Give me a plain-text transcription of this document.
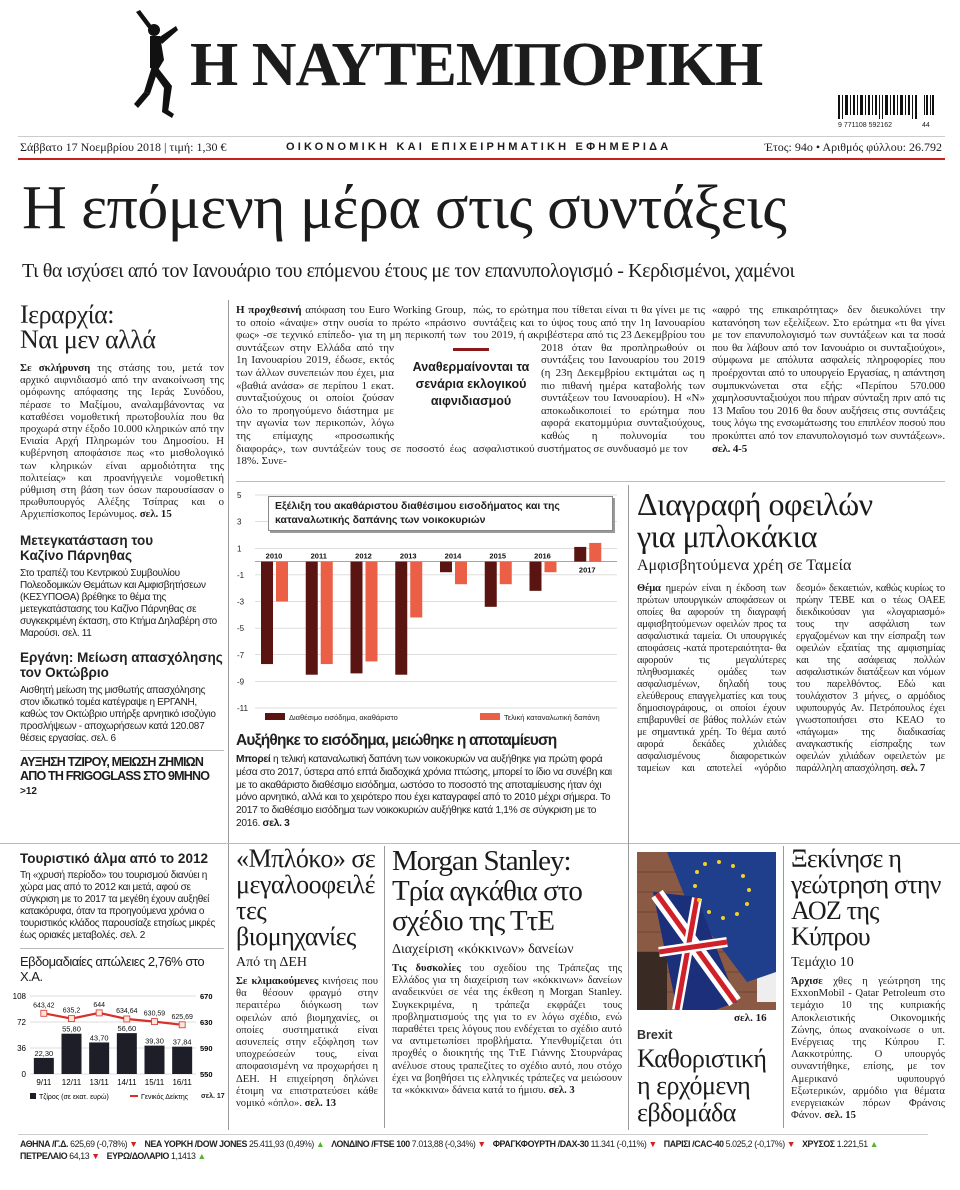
Η ΝΑΥΤΕΜΠΟΡΙΚΗ
9 771108 592162	44
Σάββατο 17 Νοεμβρίου 2018 | τιμή: 1,30 €	ΟΙΚΟΝΟΜΙΚΗ ΚΑΙ ΕΠΙΧΕΙΡΗΜΑΤΙΚΗ ΕΦΗΜΕΡΙΔΑ	Έτος: 94ο • Αριθμός φύλλου: 26.792
Η επόμενη μέρα στις συντάξεις
Τι θα ισχύσει από τον Ιανουάριο του επόμενου έτους με τον επανυπολογισμό - Κερδισμένοι, χαμένοι
Η προχθεσινή απόφαση του Euro Working Group, το οποίο «άναψε» στην ουσία το πρώτο «πράσινο φως» -σε τεχνικό επίπεδο- για τη μη περικοπή των συντάξεων στην Ελλάδα από την 1η Ιανουαρίου 2019, έδωσε, εκτός των άλλων συνεπειών που έχει, μια «βαθιά ανάσα» σε περίπου 1 εκατ. συνταξιούχους οι οποίοι ζούσαν όλο το προηγούμενο διάστημα με την αγωνία των περικοπών, λόγω της επίμαχης «προσωπικής διαφοράς», των συντάξεών τους σε ποσοστό έως 18%. Συνε-
πώς, το ερώτημα που τίθεται είναι τι θα γίνει με τις συντάξεις και το ύψος τους από την 1η Ιανουαρίου του 2019, ή ακριβέστερα από τις 23 Δεκεμβρίου του 2018 όταν θα προπληρωθούν οι συντάξεις του Ιανουαρίου του 2019 (η 23η Δεκεμβρίου εκτιμάται ως η πιο πιθανή ημέρα καταβολής των συντάξεων του Ιανουαρίου). Η «Ν» αποκωδικοποιεί το ερώτημα που αφορά εκατομμύρια συνταξιούχους, καθώς η πολυνομία του ασφαλιστικού συστήματος σε συνδυασμό με τον
Αναθερμαίνονται τα σενάρια εκλογικού αιφνιδιασμού
«αφρό της επικαιρότητας» δεν διευκολύνει την κατανόηση των εξελίξεων. Στο ερώτημα «τι θα γίνει με τον επανυπολογισμό των συντάξεων και τα ποσά που θα λάβουν από τον Ιανουάριο οι συνταξιούχοι», σύμφωνα με απόλυτα ασφαλείς πληροφορίες που προέρχονται από το υπουργείο Εργασίας, η απάντηση συμπυκνώνεται στα εξής: «Περίπου 570.000 χαμηλοσυνταξιούχοι που πήραν σύνταξη πριν από τις 13 Μαΐου του 2016 θα δουν αυξήσεις στις συντάξεις τους λόγω της ενσωμάτωσης του επιπλέον ποσού που προκύπτει από τον επανυπολογισμό των συντάξεων». σελ. 4-5
Ιεραρχία:
Ναι μεν αλλά
Σε σκλήρυνση της στάσης του, μετά τον αρχικό αιφνιδιασμό από την ανακοίνωση της ομόφωνης απόφασης της Ιεράς Συνόδου, πέρασε το Μαξίμου, αναλαμβάνοντας να καταθέσει νομοθετική πρωτοβουλία που θα προχωρά στην έξοδο 10.000 κληρικών από την Ενιαία Αρχή Πληρωμών του Δημοσίου. Η κυβέρνηση αποφάσισε πως «το μισθολογικό των κληρικών είναι αρμοδιότητα της πολιτείας» και προανήγγειλε νομοθετική ρύθμιση στη βάση των όσων παρουσίασαν ο πρωθυπουργός Αλέξης Τσίπρας και ο Αρχιεπίσκοπος Ιερώνυμος. σελ. 15
Μετεγκατάσταση του Καζίνο Πάρνηθας
Στο τραπέζι του Κεντρικού Συμβουλίου Πολεοδομικών Θεμάτων και Αμφισβητήσεων (ΚΕΣΥΠΟΘΑ) βρέθηκε το θέμα της μετεγκατάστασης του Καζίνο Πάρνηθας σε συγκεκριμένη έκταση, στο Κτήμα Δηλαβέρη στο Μαρούσι. σελ. 11
Εργάνη: Μείωση απασχόλησης τον Οκτώβριο
Αισθητή μείωση της μισθωτής απασχόλησης στον ιδιωτικό τομέα κατέγραψε η ΕΡΓΑΝΗ, καθώς τον Οκτώβριο υπήρξε αρνητικό ισοζύγιο προσλήψεων - αποχωρήσεων κατά 120.087 θέσεις εργασίας. σελ. 6
ΑΥΞΗΣΗ ΤΖΙΡΟΥ, ΜΕΙΩΣΗ ΖΗΜΙΩΝ ΑΠΟ ΤΗ FRIGOGLASS ΣΤΟ 9ΜΗΝΟ >12
Τουριστικό άλμα από το 2012
Τη «χρυσή περίοδο» του τουρισμού διανύει η χώρα μας από το 2012 και μετά, αφού σε σύγκριση με το 2017 τα μεγέθη έχουν αυξηθεί κατακόρυφα, όταν τα προηγούμενα χρόνια ο τουριστικός κλάδος παρουσίαζε ετησίως μικρές έως οριακές μεταβολές. σελ. 2
Εβδομαδιαίες απώλειες 2,76% στο Χ.Α.
0
36
72
108
550
590
630
670
22,30
9/11
55,80
12/11
43,70
13/11
56,60
14/11
39,30
15/11
37,84
16/11
643,42
635,2
644
634,64 630,59 625,69
Τζίρος (σε εκατ. ευρώ)	Γενικός Δείκτης σελ. 17
5
3
1
-1
-3
-5
-7
-9
-11
2010	2011	2012	2013	2014	2015	2016
2017
Διαθέσιμο εισόδημα, ακαθάριστο	Τελική καταναλωτική δαπάνη
Εξέλιξη του ακαθάριστου διαθέσιμου εισοδήματος και της καταναλωτικής δαπάνης των νοικοκυριών
Αυξήθηκε το εισόδημα, μειώθηκε η αποταμίευση
Μπορεί η τελική καταναλωτική δαπάνη των νοικοκυριών να αυξήθηκε για πρώτη φορά μέσα στο 2017, ύστερα από επτά διαδοχικά χρόνια πτώσης, μπορεί το ίδιο να συνέβη και με το ακαθάριστο διαθέσιμο εισόδημα, ωστόσο το ποσοστό της αποταμίευσης ήταν όχι μόνο αρνητικό, αλλά και το χειρότερο που έχει καταγραφεί από το 2010 μέχρι σήμερα. Το 2017 το διαθέσιμο εισόδημα των νοικοκυριών αυξήθηκε κατά 1,1% σε σύγκριση με το 2016. σελ. 3
Διαγραφή οφειλών για μπλοκάκια
Αμφισβητούμενα χρέη σε Ταμεία
Θέμα ημερών είναι η έκδοση των πρώτων υπουργικών αποφάσεων οι οποίες θα αφορούν τη διαγραφή αμφισβητούμενων οφειλών προς τα ασφαλιστικά ταμεία. Οι υπουργικές αποφάσεις -κατά προτεραιότητα- θα αφορούν τις μεγαλύτερες πληθυσμιακές ομάδες των ασφαλισμένων, δηλαδή τους ελεύθερους επαγγελματίες και τους δημοσιογράφους, οι οποίοι έχουν επιβαρυνθεί σε βάθος πολλών ετών με σημαντικά χρέη. Το θέμα αυτό αφορά δεκάδες χιλιάδες ασφαλισμένους διαφορετικών ταμείων και αποτελεί «γόρδιο δεσμό» δεκαετιών, καθώς κυρίως το πρώην ΤΕΒΕ και ο τέως ΟΑΕΕ διεκδικούσαν για «λογαριασμό» τους την ασφάλιση των εργαζομένων και την είσπραξη των οφειλών εξαιτίας της αμφισημίας και της ασάφειας πολλών ασφαλιστικών διατάξεων και νόμων του παρελθόντος. Εδώ και τουλάχιστον 3 μήνες, ο αρμόδιος υφυπουργός Αν. Πετρόπουλος έχει γνωστοποιήσει στο ΚΕΑΟ το «πάγωμα» της διαδικασίας αναγκαστικής είσπραξης των οφειλών χιλιάδων οφειλετών με παράλληλη απασχόληση. σελ. 7
«Μπλόκο» σε μεγαλοοφειλέτες βιομηχανίες
Από τη ΔΕΗ
Σε κλιμακούμενες κινήσεις που θα θέσουν φραγμό στην περαιτέρω διόγκωση των οφειλών από βιομηχανίες, οι οποίες συστηματικά είναι ασυνεπείς στην εξόφληση των υποχρεώσεών τους, είναι αποφασισμένη να προχωρήσει η ΔΕΗ. Η επιχείρηση δηλώνει έτοιμη να επιστρατεύσει κάθε νομικό «όπλο». σελ. 13
Morgan Stanley: Τρία αγκάθια στο σχέδιο της ΤτΕ
Διαχείριση «κόκκινων» δανείων
Τις δυσκολίες του σχεδίου της Τράπεζας της Ελλάδος για τη διαχείριση των «κόκκινων» δανείων αναδεικνύει σε νέα της έκθεση η Morgan Stanley. Συγκεκριμένα, η τράπεζα εκφράζει τους προβληματισμούς της για το εν λόγω σχέδιο, ενώ παραθέτει τρεις λόγους που ενδέχεται το σχέδιο αυτό να αντιμετωπίσει προβλήματα. Υπενθυμίζεται ότι προχθές ο διοικητής της ΤτΕ Γιάννης Στουρνάρας ανέλυσε στους τραπεζίτες το σχέδιο αυτό, που στόχο έχει να βοηθήσει τις ελληνικές τράπεζες να μειώσουν τα «κόκκινα» δάνεια κατά το ήμισυ. σελ. 3
σελ. 16
Brexit
Καθοριστική η ερχόμενη εβδομάδα
Ξεκίνησε η γεώτρηση στην ΑΟΖ της Κύπρου
Τεμάχιο 10
Άρχισε χθες η γεώτρηση της ExxonMobil - Qatar Petroleum στο τεμάχιο 10 της κυπριακής Αποκλειστικής Οικονομικής Ζώνης, όπως ανακοίνωσε ο υπ. Ενέργειας της Κύπρου Γ. Λακκοτρύπης. Ο υπουργός συναντήθηκε, επίσης, με τον Αμερικανό υφυπουργό Εξωτερικών, αρμόδιο για θέματα ενεργειακών πόρων Φράνσις Φάνον. σελ. 15
ΑΘΗΝΑ /Γ.Δ. 625,69 (-0,78%) ▼ ΝΕΑ ΥΟΡΚΗ /DOW JONES 25.411,93 (0,49%) ▲ ΛΟΝΔΙΝΟ /FTSE 100 7.013,88 (-0,34%) ▼ ΦΡΑΓΚΦΟΥΡΤΗ /DAX-30 11.341 (-0,11%) ▼ ΠΑΡΙΣΙ /CAC-40 5.025,2 (-0,17%) ▼ ΧΡΥΣΟΣ 1.221,51 ▲
ΠΕΤΡΕΛΑΙΟ 64,13 ▼ ΕΥΡΩ/ΔΟΛΑΡΙΟ 1,1413 ▲
